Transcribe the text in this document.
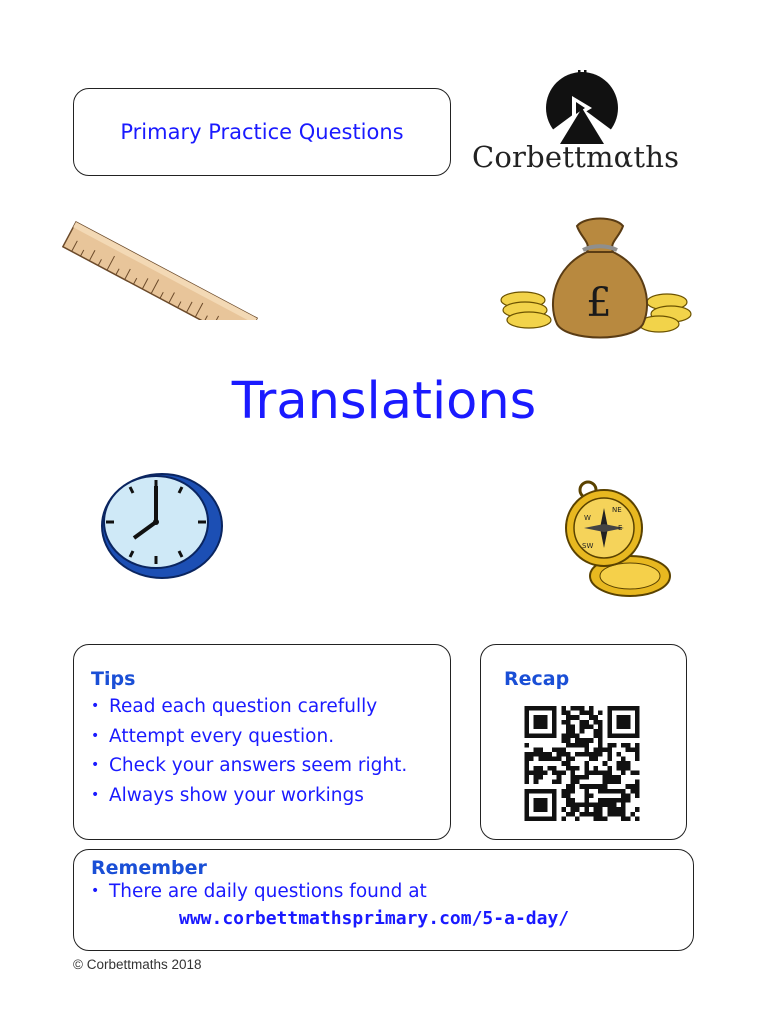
Primary Practice Questions
Corbettmαths
£
Translations
NE
E
SW
W
Tips
• Read each question carefully
• Attempt every question.
• Check your answers seem right.
• Always show your workings
Recap
Remember
• There are daily questions found at
www.corbettmathsprimary.com/5-a-day/
© Corbettmaths 2018
